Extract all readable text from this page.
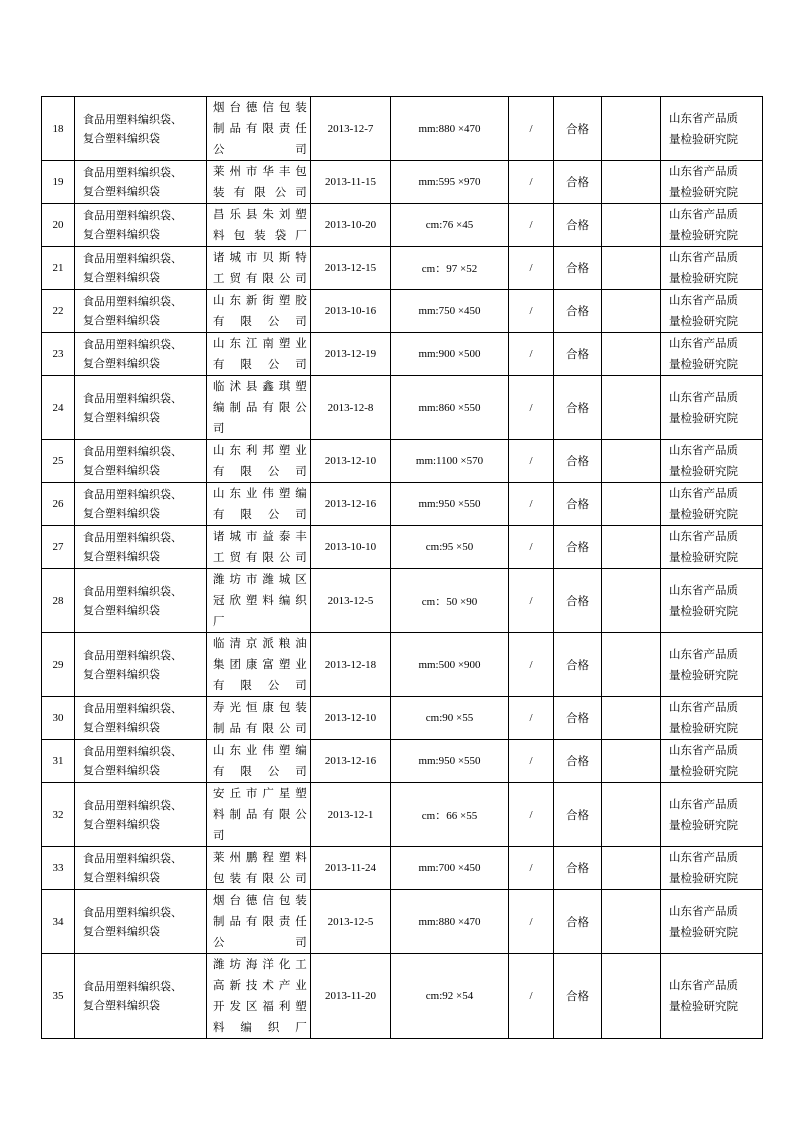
18	食品用塑料编织袋、
复合塑料编织袋	烟台德信包装
制品有限责任
公司	2013-12-7	mm:880 ×470	/	合格		山东省产品质
量检验研究院

19	食品用塑料编织袋、
复合塑料编织袋	莱州市华丰包
装有限公司	2013-11-15	mm:595 ×970	/	合格		山东省产品质
量检验研究院

20	食品用塑料编织袋、
复合塑料编织袋	昌乐县朱刘塑
料包装袋厂	2013-10-20	cm:76 ×45	/	合格		山东省产品质
量检验研究院

21	食品用塑料编织袋、
复合塑料编织袋	诸城市贝斯特
工贸有限公司	2013-12-15	cm：97 ×52	/	合格		山东省产品质
量检验研究院

22	食品用塑料编织袋、
复合塑料编织袋	山东新街塑胶
有限公司	2013-10-16	mm:750 ×450	/	合格		山东省产品质
量检验研究院

23	食品用塑料编织袋、
复合塑料编织袋	山东江南塑业
有限公司	2013-12-19	mm:900 ×500	/	合格		山东省产品质
量检验研究院

24	食品用塑料编织袋、
复合塑料编织袋	临沭县鑫琪塑
编制品有限公
司	2013-12-8	mm:860 ×550	/	合格		山东省产品质
量检验研究院

25	食品用塑料编织袋、
复合塑料编织袋	山东利邦塑业
有限公司	2013-12-10	mm:1100 ×570	/	合格		山东省产品质
量检验研究院

26	食品用塑料编织袋、
复合塑料编织袋	山东业伟塑编
有限公司	2013-12-16	mm:950 ×550	/	合格		山东省产品质
量检验研究院

27	食品用塑料编织袋、
复合塑料编织袋	诸城市益泰丰
工贸有限公司	2013-10-10	cm:95 ×50	/	合格		山东省产品质
量检验研究院

28	食品用塑料编织袋、
复合塑料编织袋	潍坊市潍城区
冠欣塑料编织
厂	2013-12-5	cm：50 ×90	/	合格		山东省产品质
量检验研究院

29	食品用塑料编织袋、
复合塑料编织袋	临清京派粮油
集团康富塑业
有限公司	2013-12-18	mm:500 ×900	/	合格		山东省产品质
量检验研究院

30	食品用塑料编织袋、
复合塑料编织袋	寿光恒康包装
制品有限公司	2013-12-10	cm:90 ×55	/	合格		山东省产品质
量检验研究院

31	食品用塑料编织袋、
复合塑料编织袋	山东业伟塑编
有限公司	2013-12-16	mm:950 ×550	/	合格		山东省产品质
量检验研究院

32	食品用塑料编织袋、
复合塑料编织袋	安丘市广星塑
料制品有限公
司	2013-12-1	cm：66 ×55	/	合格		山东省产品质
量检验研究院

33	食品用塑料编织袋、
复合塑料编织袋	莱州鹏程塑料
包装有限公司	2013-11-24	mm:700 ×450	/	合格		山东省产品质
量检验研究院

34	食品用塑料编织袋、
复合塑料编织袋	烟台德信包装
制品有限责任
公司	2013-12-5	mm:880 ×470	/	合格		山东省产品质
量检验研究院

35	食品用塑料编织袋、
复合塑料编织袋	潍坊海洋化工
高新技术产业
开发区福利塑
料编织厂	2013-11-20	cm:92 ×54	/	合格		山东省产品质
量检验研究院
